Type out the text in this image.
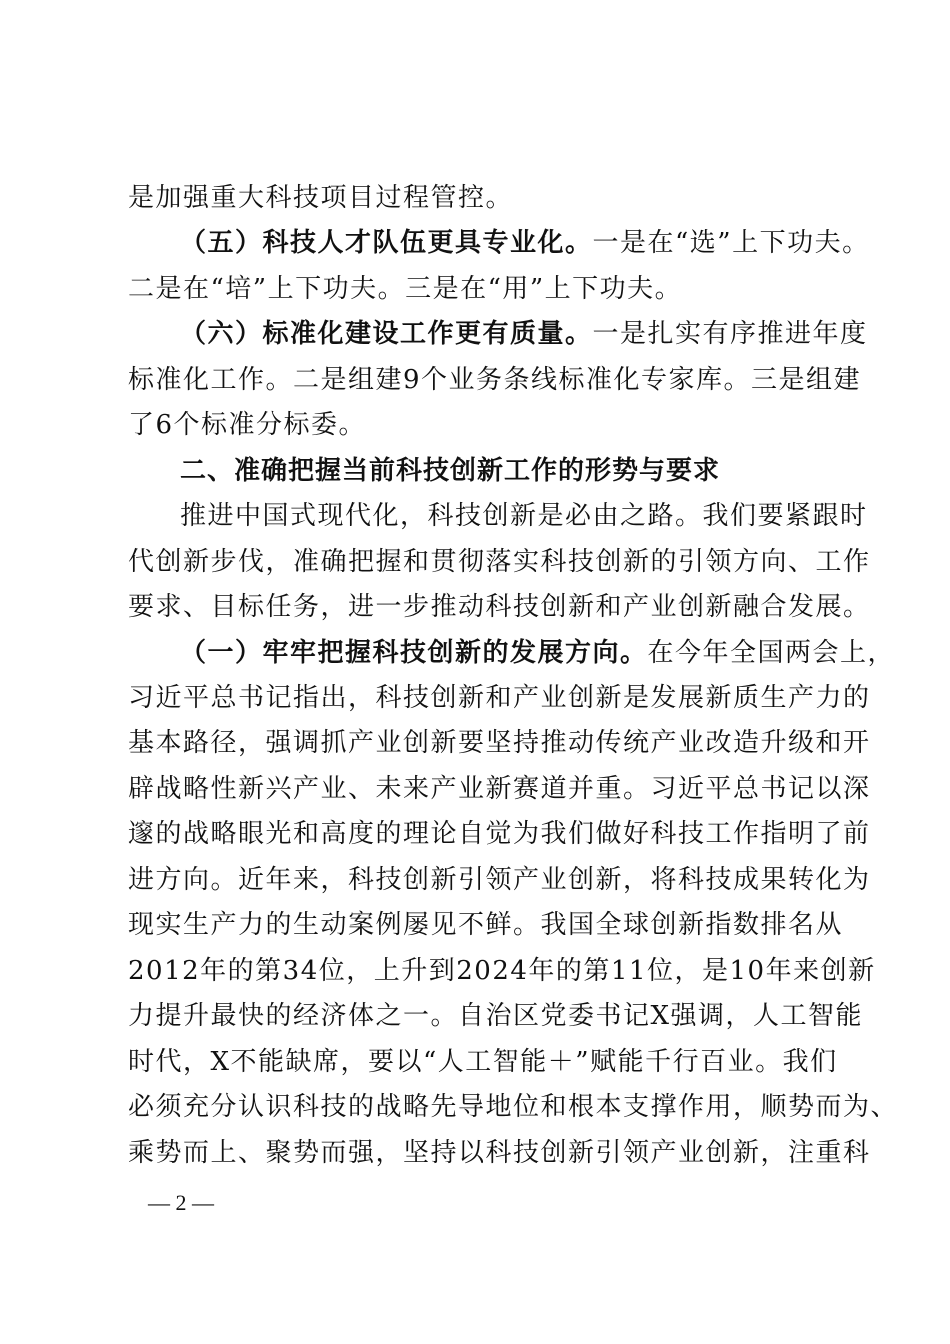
是加强重大科技项目过程管控。
（五）科技人才队伍更具专业化。一是在“选”上下功夫。
二是在“培”上下功夫。三是在“用”上下功夫。
（六）标准化建设工作更有质量。一是扎实有序推进年度
标准化工作。二是组建9个业务条线标准化专家库。三是组建
了6个标准分标委。
二、准确把握当前科技创新工作的形势与要求
推进中国式现代化，科技创新是必由之路。我们要紧跟时
代创新步伐，准确把握和贯彻落实科技创新的引领方向、工作
要求、目标任务，进一步推动科技创新和产业创新融合发展。
（一）牢牢把握科技创新的发展方向。在今年全国两会上，
习近平总书记指出，科技创新和产业创新是发展新质生产力的
基本路径，强调抓产业创新要坚持推动传统产业改造升级和开
辟战略性新兴产业、未来产业新赛道并重。习近平总书记以深
邃的战略眼光和高度的理论自觉为我们做好科技工作指明了前
进方向。近年来，科技创新引领产业创新，将科技成果转化为
现实生产力的生动案例屡见不鲜。我国全球创新指数排名从
2012年的第34位，上升到2024年的第11位，是10年来创新
力提升最快的经济体之一。自治区党委书记X强调，人工智能
时代，X不能缺席，要以“人工智能＋”赋能千行百业。我们
必须充分认识科技的战略先导地位和根本支撑作用，顺势而为、
乘势而上、聚势而强，坚持以科技创新引领产业创新，注重科
— 2 —
